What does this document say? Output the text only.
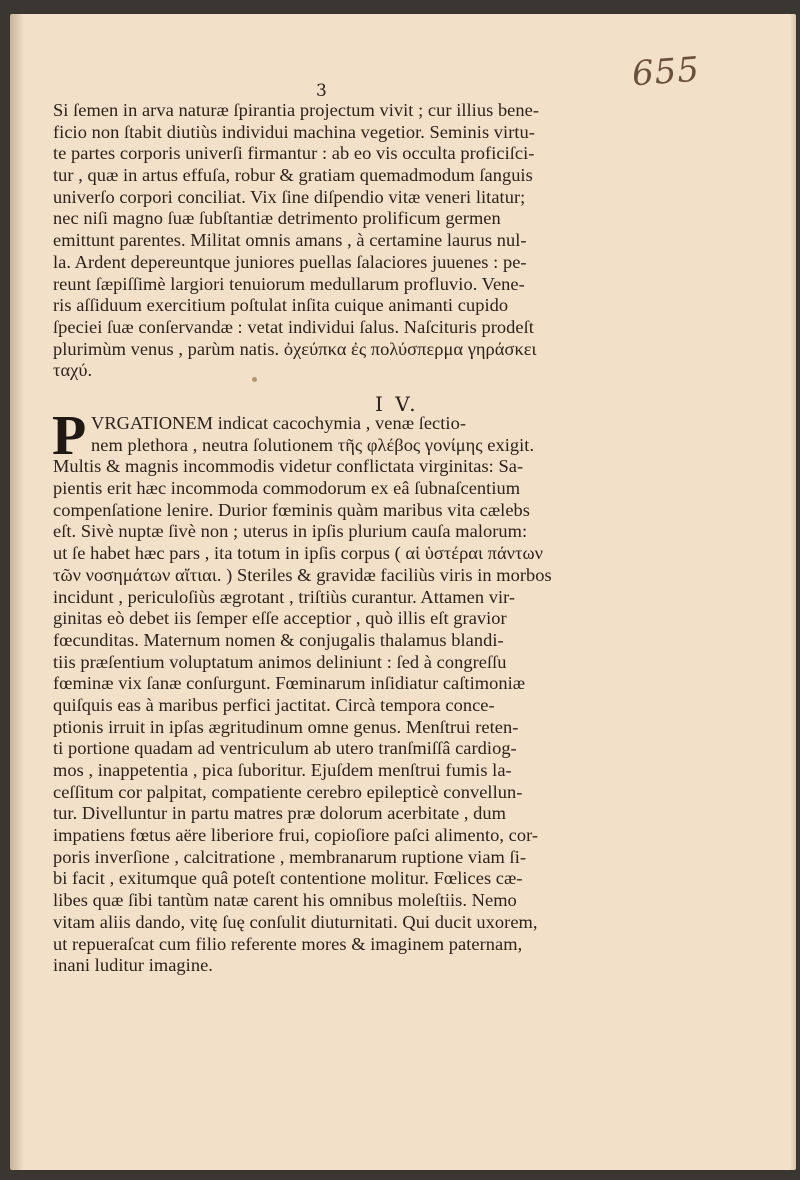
655
3
Si ſemen in arva naturæ ſpirantia projectum vivit ; cur illius bene-
ficio non ſtabit diutiùs individui machina vegetior. Seminis virtu-
te partes corporis univerſi firmantur : ab eo vis occulta proficiſci-
tur , quæ in artus effuſa, robur & gratiam quemadmodum ſanguis
univerſo corpori conciliat. Vix ſine diſpendio vitæ veneri litatur;
nec niſi magno ſuæ ſubſtantiæ detrimento prolificum germen
emittunt parentes. Militat omnis amans , à certamine laurus nul-
la. Ardent depereuntque juniores puellas ſalaciores juuenes : pe-
reunt ſæpiſſimè largiori tenuiorum medullarum profluvio. Vene-
ris aſſiduum exercitium poſtulat inſita cuique animanti cupido
ſpeciei ſuæ conſervandæ : vetat individui ſalus. Naſcituris prodeſt
plurimùm venus , parùm natis. ὀχεύπκα ἐς πολύσπερμα γηράσκει
ταχύ.
I V.
P VRGATIONEM indicat cacochymia , venæ ſectio-
nem plethora , neutra ſolutionem τῆς φλέβος γονίμης exigit.
Multis & magnis incommodis videtur conflictata virginitas: Sa-
pientis erit hæc incommoda commodorum ex eâ ſubnaſcentium
compenſatione lenire. Durior fœminis quàm maribus vita cælebs
eſt. Sivè nuptæ ſivè non ; uterus in ipſis plurium cauſa malorum:
ut ſe habet hæc pars , ita totum in ipſis corpus ( αἱ ὑστέραι πάντων
τῶν νοσημάτων αἴτιαι. ) Steriles & gravidæ faciliùs viris in morbos
incidunt , periculoſiùs ægrotant , triſtiùs curantur. Attamen vir-
ginitas eò debet iis ſemper eſſe acceptior , quò illis eſt gravior
fœcunditas. Maternum nomen & conjugalis thalamus blandi-
tiis præſentium voluptatum animos deliniunt : ſed à congreſſu
fœminæ vix ſanæ conſurgunt. Fœminarum inſidiatur caſtimoniæ
quiſquis eas à maribus perfici jactitat. Circà tempora conce-
ptionis irruit in ipſas ægritudinum omne genus. Menſtrui reten-
ti portione quadam ad ventriculum ab utero tranſmiſſâ cardiog-
mos , inappetentia , pica ſuboritur. Ejuſdem menſtrui fumis la-
ceſſitum cor palpitat, compatiente cerebro epilepticè convellun-
tur. Divelluntur in partu matres præ dolorum acerbitate , dum
impatiens fœtus aëre liberiore frui, copioſiore paſci alimento, cor-
poris inverſione , calcitratione , membranarum ruptione viam ſi-
bi facit , exitumque quâ poteſt contentione molitur. Fœlices cæ-
libes quæ ſibi tantùm natæ carent his omnibus moleſtiis. Nemo
vitam aliis dando, vitę ſuę conſulit diuturnitati. Qui ducit uxorem,
ut repueraſcat cum filio referente mores & imaginem paternam,
inani luditur imagine.
